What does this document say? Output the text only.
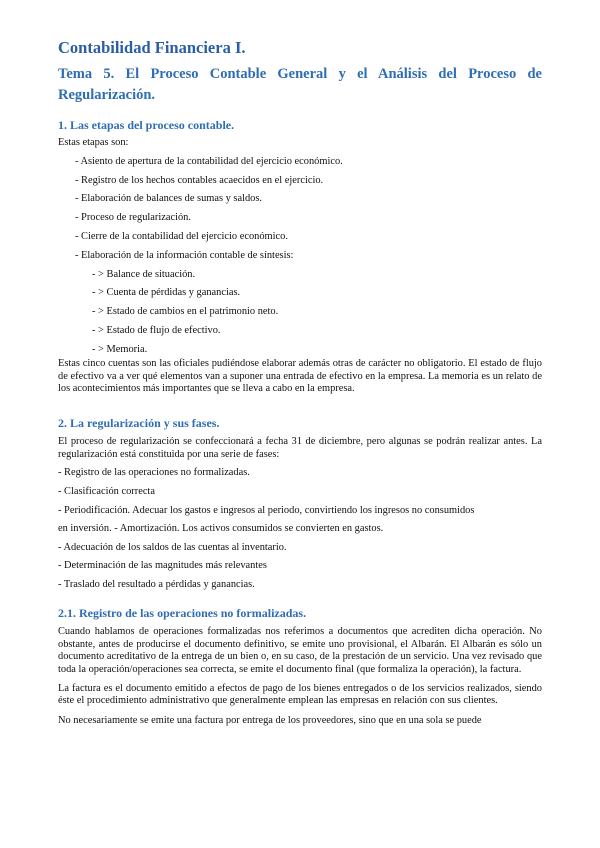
Contabilidad Financiera I.
Tema 5. El Proceso Contable General y el Análisis del Proceso de Regularización.
1. Las etapas del proceso contable.

Estas etapas son:

- Asiento de apertura de la contabilidad del ejercicio económico.
- Registro de los hechos contables acaecidos en el ejercicio.
- Elaboración de balances de sumas y saldos.
- Proceso de regularización.
- Cierre de la contabilidad del ejercicio económico.
- Elaboración de la información contable de síntesis:
- > Balance de situación.
- > Cuenta de pérdidas y ganancias.
- > Estado de cambios en el patrimonio neto.
- > Estado de flujo de efectivo.
- > Memoria.

Estas cinco cuentas son las oficiales pudiéndose elaborar además otras de carácter no obligatorio. El estado de flujo de efectivo va a ver qué elementos van a suponer una entrada de efectivo en la empresa. La memoria es un relato de los acontecimientos más importantes que se lleva a cabo en la empresa.

2. La regularización y sus fases.

El proceso de regularización se confeccionará a fecha 31 de diciembre, pero algunas se podrán realizar antes. La regularización está constituida por una serie de fases:

- Registro de las operaciones no formalizadas.
- Clasificación correcta
- Periodificación. Adecuar los gastos e ingresos al periodo, convirtiendo los ingresos no consumidos
en inversión. - Amortización. Los activos consumidos se convierten en gastos.
- Adecuación de los saldos de las cuentas al inventario.
- Determinación de las magnitudes más relevantes
- Traslado del resultado a pérdidas y ganancias.
2.1. Registro de las operaciones no formalizadas.

Cuando hablamos de operaciones formalizadas nos referimos a documentos que acrediten dicha operación. No obstante, antes de producirse el documento definitivo, se emite uno provisional, el Albarán. El Albarán es sólo un documento acreditativo de la entrega de un bien o, en su caso, de la prestación de un servicio. Una vez revisado que toda la operación/operaciones sea correcta, se emite el documento final (que formaliza la operación), la factura.

La factura es el documento emitido a efectos de pago de los bienes entregados o de los servicios realizados, siendo éste el procedimiento administrativo que generalmente emplean las empresas en relación con sus clientes.

No necesariamente se emite una factura por entrega de los proveedores, sino que en una sola se puede
